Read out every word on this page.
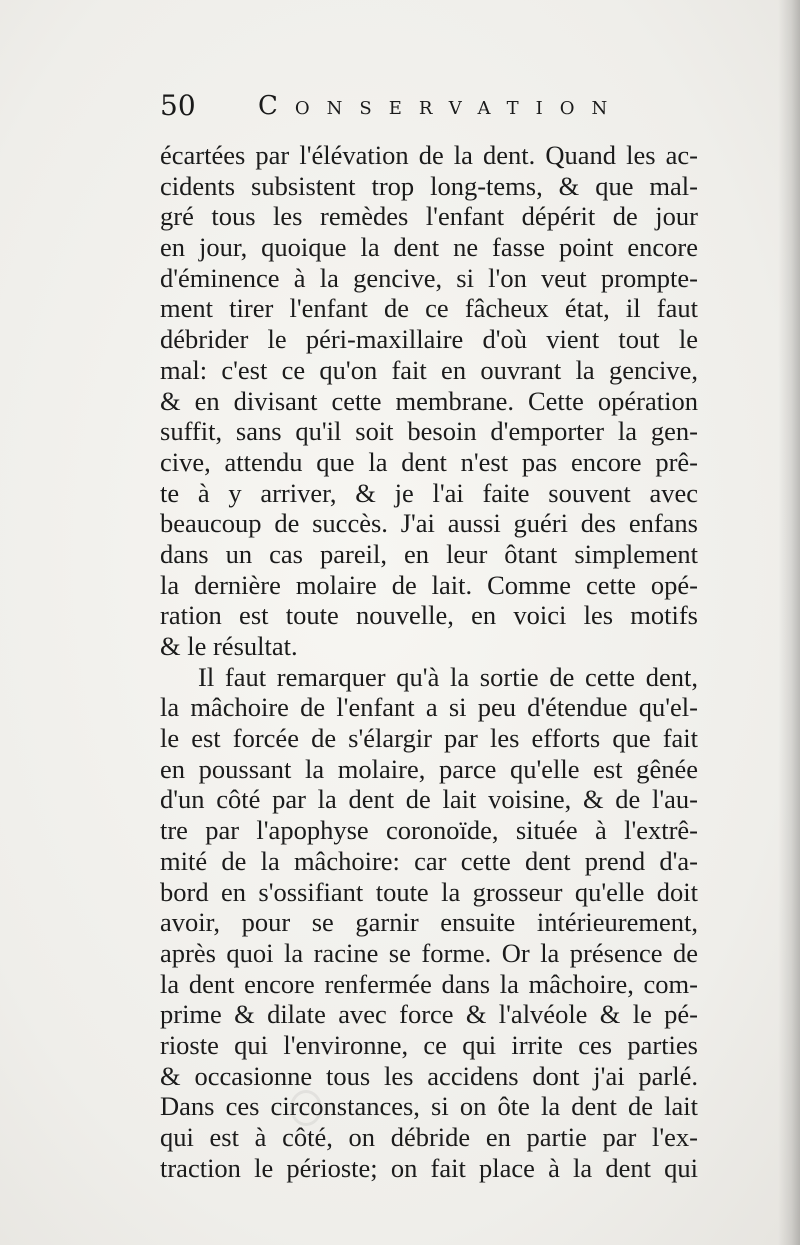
50 Conservation
écartées par l'élévation de la dent. Quand les ac-
cidents subsistent trop long-tems, & que mal-
gré tous les remèdes l'enfant dépérit de jour
en jour, quoique la dent ne fasse point encore
d'éminence à la gencive, si l'on veut prompte-
ment tirer l'enfant de ce fâcheux état, il faut
débrider le péri-maxillaire d'où vient tout le
mal: c'est ce qu'on fait en ouvrant la gencive,
& en divisant cette membrane. Cette opération
suffit, sans qu'il soit besoin d'emporter la gen-
cive, attendu que la dent n'est pas encore prê-
te à y arriver, & je l'ai faite souvent avec
beaucoup de succès. J'ai aussi guéri des enfans
dans un cas pareil, en leur ôtant simplement
la dernière molaire de lait. Comme cette opé-
ration est toute nouvelle, en voici les motifs
& le résultat.
Il faut remarquer qu'à la sortie de cette dent,
la mâchoire de l'enfant a si peu d'étendue qu'el-
le est forcée de s'élargir par les efforts que fait
en poussant la molaire, parce qu'elle est gênée
d'un côté par la dent de lait voisine, & de l'au-
tre par l'apophyse coronoïde, située à l'extrê-
mité de la mâchoire: car cette dent prend d'a-
bord en s'ossifiant toute la grosseur qu'elle doit
avoir, pour se garnir ensuite intérieurement,
après quoi la racine se forme. Or la présence de
la dent encore renfermée dans la mâchoire, com-
prime & dilate avec force & l'alvéole & le pé-
rioste qui l'environne, ce qui irrite ces parties
& occasionne tous les accidens dont j'ai parlé.
Dans ces circonstances, si on ôte la dent de lait
qui est à côté, on débride en partie par l'ex-
traction le périoste; on fait place à la dent qui
